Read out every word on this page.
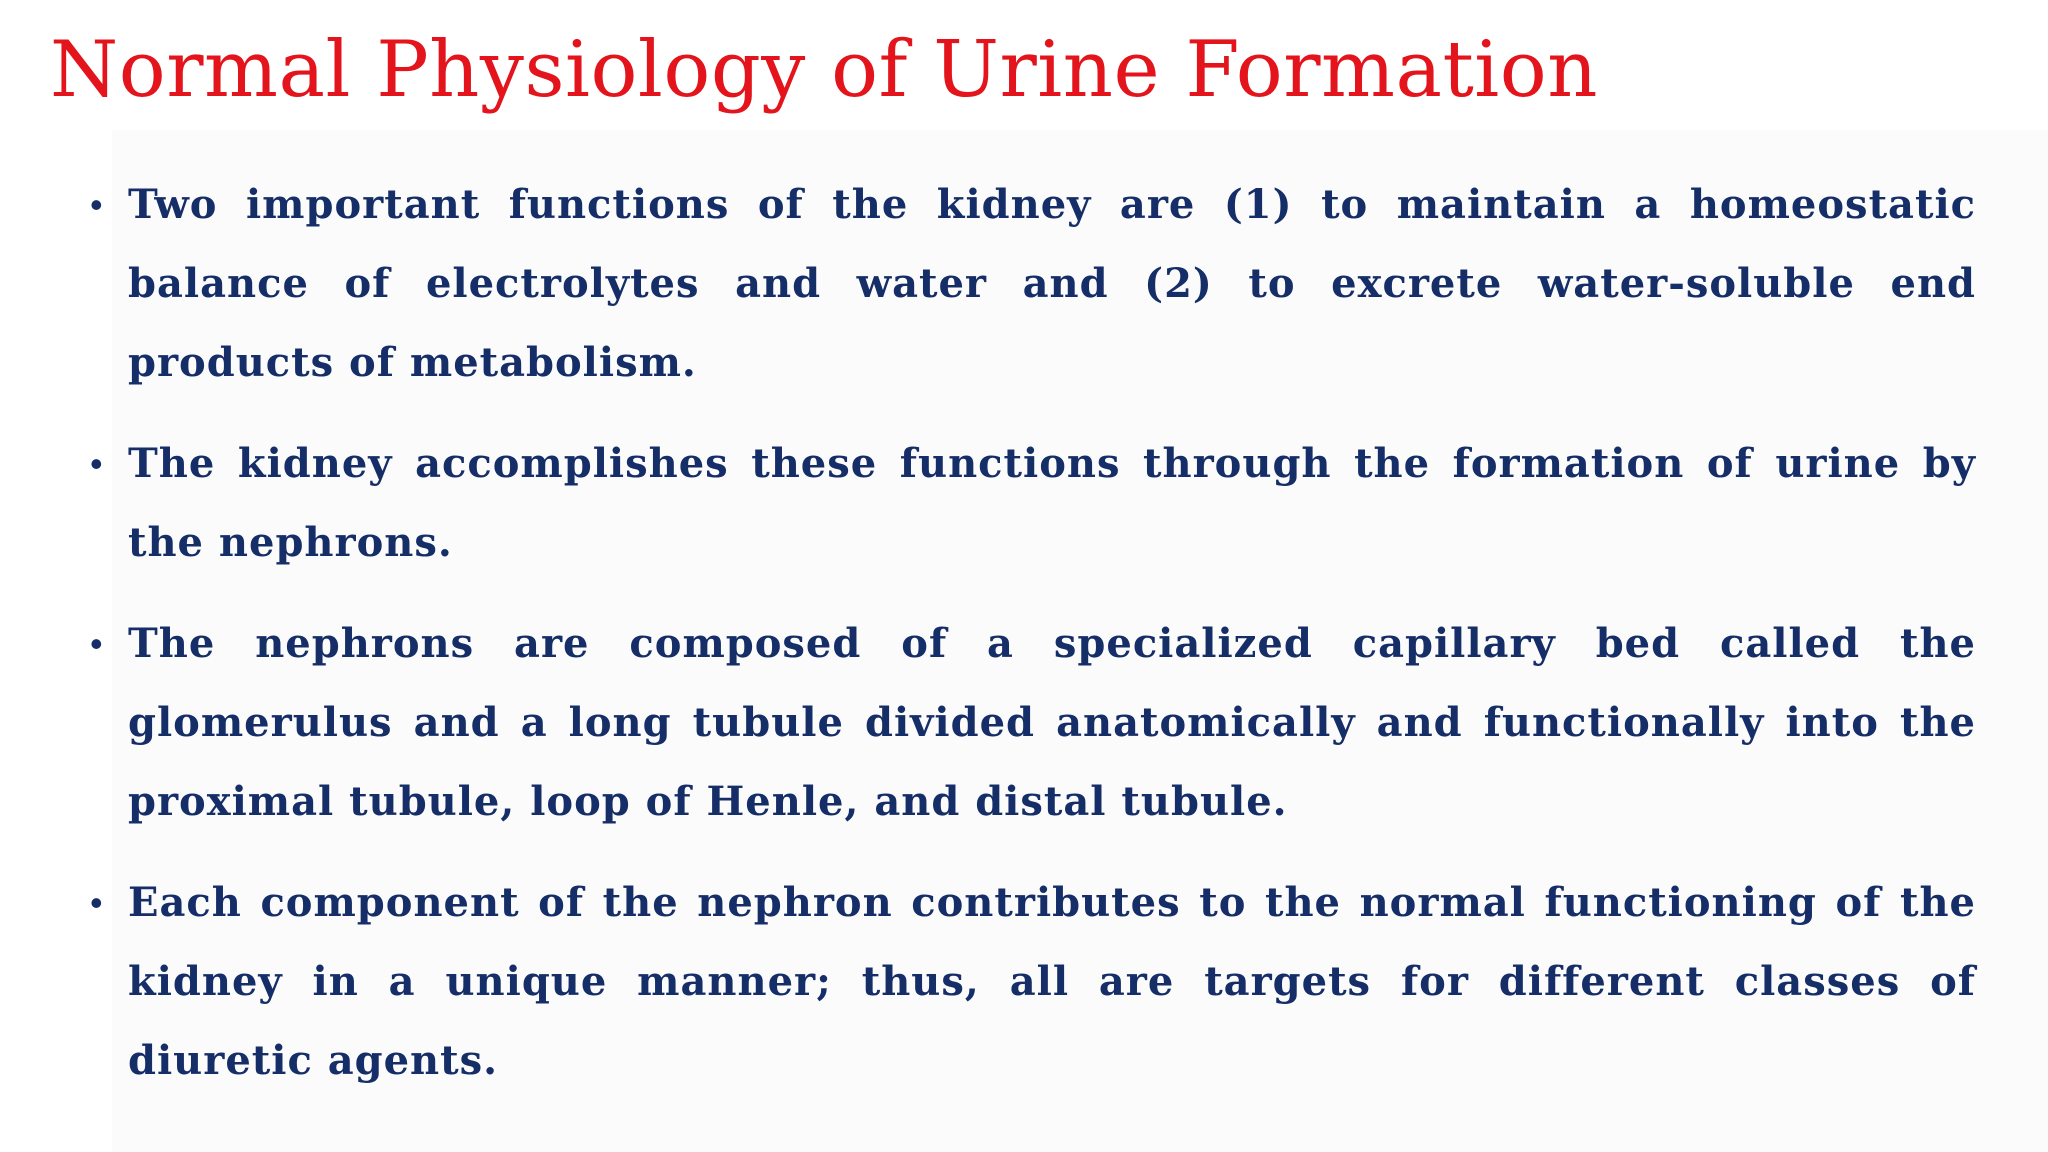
Normal Physiology of Urine Formation
• Two important functions of the kidney are (1) to maintain a homeostatic balance of electrolytes and water and (2) to excrete water-soluble end products of metabolism.
• The kidney accomplishes these functions through the formation of urine by the nephrons.
• The nephrons are composed of a specialized capillary bed called the glomerulus and a long tubule divided anatomically and functionally into the proximal tubule, loop of Henle, and distal tubule.
• Each component of the nephron contributes to the normal functioning of the kidney in a unique manner; thus, all are targets for different classes of diuretic agents.
